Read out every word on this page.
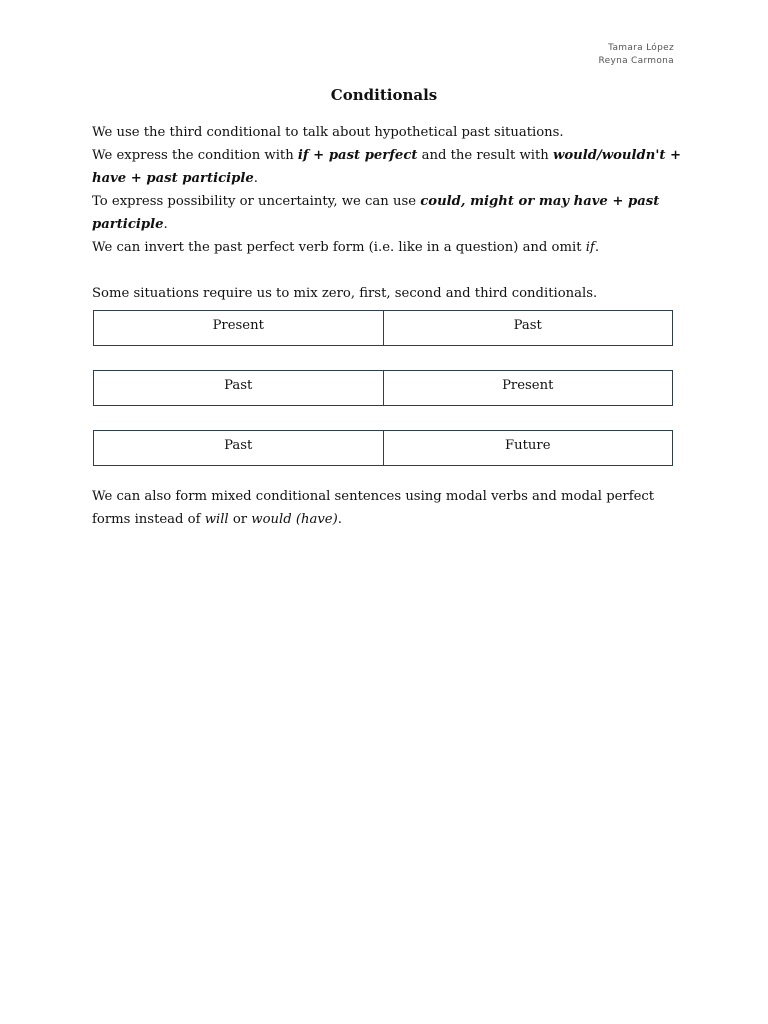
Tamara López
Reyna Carmona
Conditionals

We use the third conditional to talk about hypothetical past situations.

We express the condition with if + past perfect and the result with would/wouldn't + have + past participle.

To express possibility or uncertainty, we can use could, might or may have + past participle.

We can invert the past perfect verb form (i.e. like in a question) and omit if.

Some situations require us to mix zero, first, second and third conditionals.

Present	Past
Past	Present
Past	Future

We can also form mixed conditional sentences using modal verbs and modal perfect forms instead of will or would (have).
